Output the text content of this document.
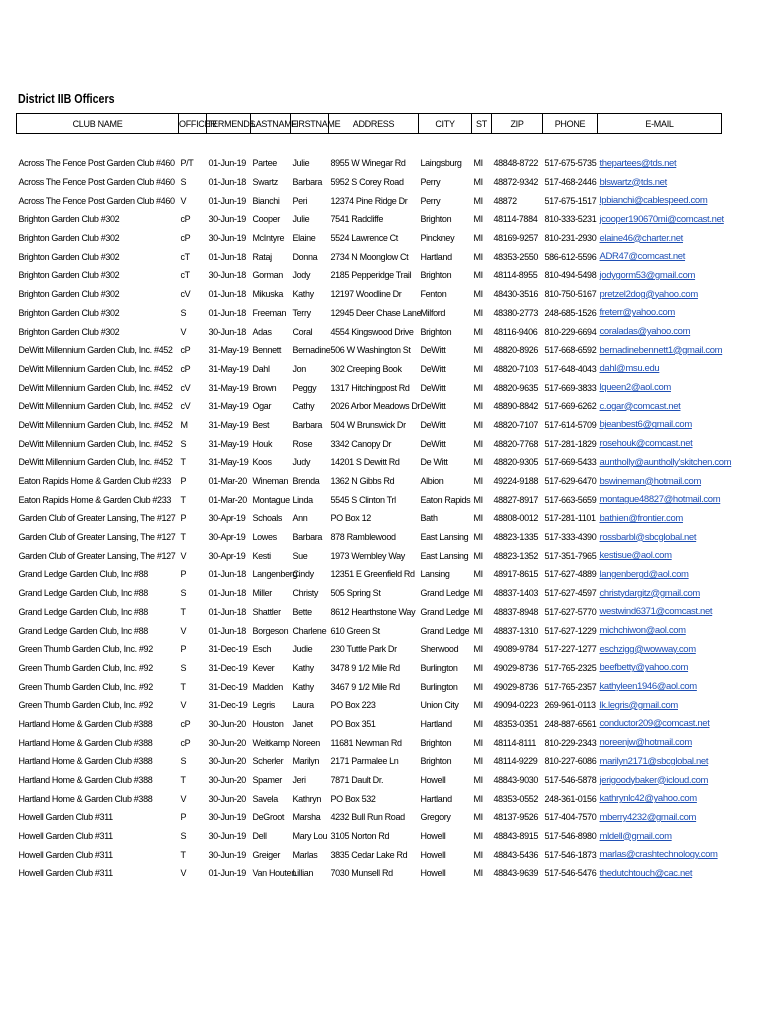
District IIB Officers
CLUB NAME	OFFICER	TERMENDS	LASTNAME	FIRSTNAME	ADDRESS	CITY	ST	ZIP	PHONE	E-MAIL

Across The Fence Post Garden Club #460	P/T	01-Jun-19	Partee	Julie	8955 W Winegar Rd	Laingsburg	MI	48848-8722	517-675-5735	thepartees@tds.net
Across The Fence Post Garden Club #460	S	01-Jun-18	Swartz	Barbara	5952 S Corey Road	Perry	MI	48872-9342	517-468-2446	blswartz@tds.net
Across The Fence Post Garden Club #460	V	01-Jun-19	Bianchi	Peri	12374 Pine Ridge Dr	Perry	MI	48872	517-675-1517	lpbianchi@cablespeed.com
Brighton Garden Club #302	cP	30-Jun-19	Cooper	Julie	7541 Radcliffe	Brighton	MI	48114-7884	810-333-5231	jcooper190670mi@comcast.net
Brighton Garden Club #302	cP	30-Jun-19	McIntyre	Elaine	5524 Lawrence Ct	Pinckney	MI	48169-9257	810-231-2930	elaine46@charter.net
Brighton Garden Club #302	cT	01-Jun-18	Rataj	Donna	2734 N Moonglow Ct	Hartland	MI	48353-2550	586-612-5596	ADR47@comcast.net
Brighton Garden Club #302	cT	30-Jun-18	Gorman	Jody	2185 Pepperidge Trail	Brighton	MI	48114-8955	810-494-5498	jodygorm53@gmail.com
Brighton Garden Club #302	cV	01-Jun-18	Mikuska	Kathy	12197 Woodline Dr	Fenton	MI	48430-3516	810-750-5167	pretzel2dog@yahoo.com
Brighton Garden Club #302	S	01-Jun-18	Freeman	Terry	12945 Deer Chase Lane	Milford	MI	48380-2773	248-685-1526	freterr@yahoo.com
Brighton Garden Club #302	V	30-Jun-18	Adas	Coral	4554 Kingswood Drive	Brighton	MI	48116-9406	810-229-6694	coraladas@yahoo.com
DeWitt Millennium Garden Club, Inc. #452	cP	31-May-19	Bennett	Bernadine	506 W Washington St	DeWitt	MI	48820-8926	517-668-6592	bernadinebennett1@gmail.com
DeWitt Millennium Garden Club, Inc. #452	cP	31-May-19	Dahl	Jon	302 Creeping Book	DeWitt	MI	48820-7103	517-648-4043	dahl@msu.edu
DeWitt Millennium Garden Club, Inc. #452	cV	31-May-19	Brown	Peggy	1317 Hitchingpost Rd	DeWitt	MI	48820-9635	517-669-3833	lqueen2@aol.com
DeWitt Millennium Garden Club, Inc. #452	cV	31-May-19	Ogar	Cathy	2026 Arbor Meadows Dr	DeWitt	MI	48890-8842	517-669-6262	c.ogar@comcast.net
DeWitt Millennium Garden Club, Inc. #452	M	31-May-19	Best	Barbara	504 W Brunswick Dr	DeWitt	MI	48820-7107	517-614-5709	bjeanbest6@gmail.com
DeWitt Millennium Garden Club, Inc. #452	S	31-May-19	Houk	Rose	3342 Canopy Dr	DeWitt	MI	48820-7768	517-281-1829	rosehouk@comcast.net
DeWitt Millennium Garden Club, Inc. #452	T	31-May-19	Koos	Judy	14201 S Dewitt Rd	De Witt	MI	48820-9305	517-669-5433	auntholly@auntholly'skitchen.com
Eaton Rapids Home & Garden Club #233	P	01-Mar-20	Wineman	Brenda	1362 N Gibbs Rd	Albion	MI	49224-9188	517-629-6470	bswineman@hotmail.com
Eaton Rapids Home & Garden Club #233	T	01-Mar-20	Montague	Linda	5545 S Clinton Trl	Eaton Rapids	MI	48827-8917	517-663-5659	montague48827@hotmail.com
Garden Club of Greater Lansing, The #127	P	30-Apr-19	Schoals	Ann	PO Box 12	Bath	MI	48808-0012	517-281-1101	bathien@frontier.com
Garden Club of Greater Lansing, The #127	T	30-Apr-19	Lowes	Barbara	878 Ramblewood	East Lansing	MI	48823-1335	517-333-4390	rossbarbl@sbcglobal.net
Garden Club of Greater Lansing, The #127	V	30-Apr-19	Kesti	Sue	1973 Wembley Way	East Lansing	MI	48823-1352	517-351-7965	kestisue@aol.com
Grand Ledge Garden Club, Inc #88	P	01-Jun-18	Langenberg	Cindy	12351 E Greenfield Rd	Lansing	MI	48917-8615	517-627-4889	langenbergd@aol.com
Grand Ledge Garden Club, Inc #88	S	01-Jun-18	Miller	Christy	505 Spring St	Grand Ledge	MI	48837-1403	517-627-4597	christydargitz@gmail.com
Grand Ledge Garden Club, Inc #88	T	01-Jun-18	Shattler	Bette	8612 Hearthstone Way	Grand Ledge	MI	48837-8948	517-627-5770	westwind6371@comcast.net
Grand Ledge Garden Club, Inc #88	V	01-Jun-18	Borgeson	Charlene	610 Green St	Grand Ledge	MI	48837-1310	517-627-1229	michchiwon@aol.com
Green Thumb Garden Club, Inc. #92	P	31-Dec-19	Esch	Judie	230 Tuttle Park Dr	Sherwood	MI	49089-9784	517-227-1277	eschzigg@wowway.com
Green Thumb Garden Club, Inc. #92	S	31-Dec-19	Kever	Kathy	3478 9 1/2 Mile Rd	Burlington	MI	49029-8736	517-765-2325	beefbetty@yahoo.com
Green Thumb Garden Club, Inc. #92	T	31-Dec-19	Madden	Kathy	3467 9 1/2 Mile Rd	Burlington	MI	49029-8736	517-765-2357	kathyleen1946@aol.com
Green Thumb Garden Club, Inc. #92	V	31-Dec-19	Legris	Laura	PO Box 223	Union City	MI	49094-0223	269-961-0113	lk.legris@gmail.com
Hartland Home & Garden Club #388	cP	30-Jun-20	Houston	Janet	PO Box 351	Hartland	MI	48353-0351	248-887-6561	conductor209@comcast.net
Hartland Home & Garden Club #388	cP	30-Jun-20	Weitkamp	Noreen	11681 Newman Rd	Brighton	MI	48114-8111	810-229-2343	noreenjw@hotmail.com
Hartland Home & Garden Club #388	S	30-Jun-20	Scherler	Marilyn	2171 Parmalee Ln	Brighton	MI	48114-9229	810-227-6086	marilyn2171@sbcglobal.net
Hartland Home & Garden Club #388	T	30-Jun-20	Spamer	Jeri	7871 Dault Dr.	Howell	MI	48843-9030	517-546-5878	jerigoodybaker@icloud.com
Hartland Home & Garden Club #388	V	30-Jun-20	Savela	Kathryn	PO Box 532	Hartland	MI	48353-0552	248-361-0156	kathrynlc42@yahoo.com
Howell Garden Club #311	P	30-Jun-19	DeGroot	Marsha	4232 Bull Run Road	Gregory	MI	48137-9526	517-404-7570	mberry4232@gmail.com
Howell Garden Club #311	S	30-Jun-19	Dell	Mary Lou	3105 Norton Rd	Howell	MI	48843-8915	517-546-8980	mldell@gmail.com
Howell Garden Club #311	T	30-Jun-19	Greiger	Marlas	3835 Cedar Lake Rd	Howell	MI	48843-5436	517-546-1873	marlas@crashtechnology.com
Howell Garden Club #311	V	01-Jun-19	Van Houten	Lillian	7030 Munsell Rd	Howell	MI	48843-9639	517-546-5476	thedutchtouch@cac.net
